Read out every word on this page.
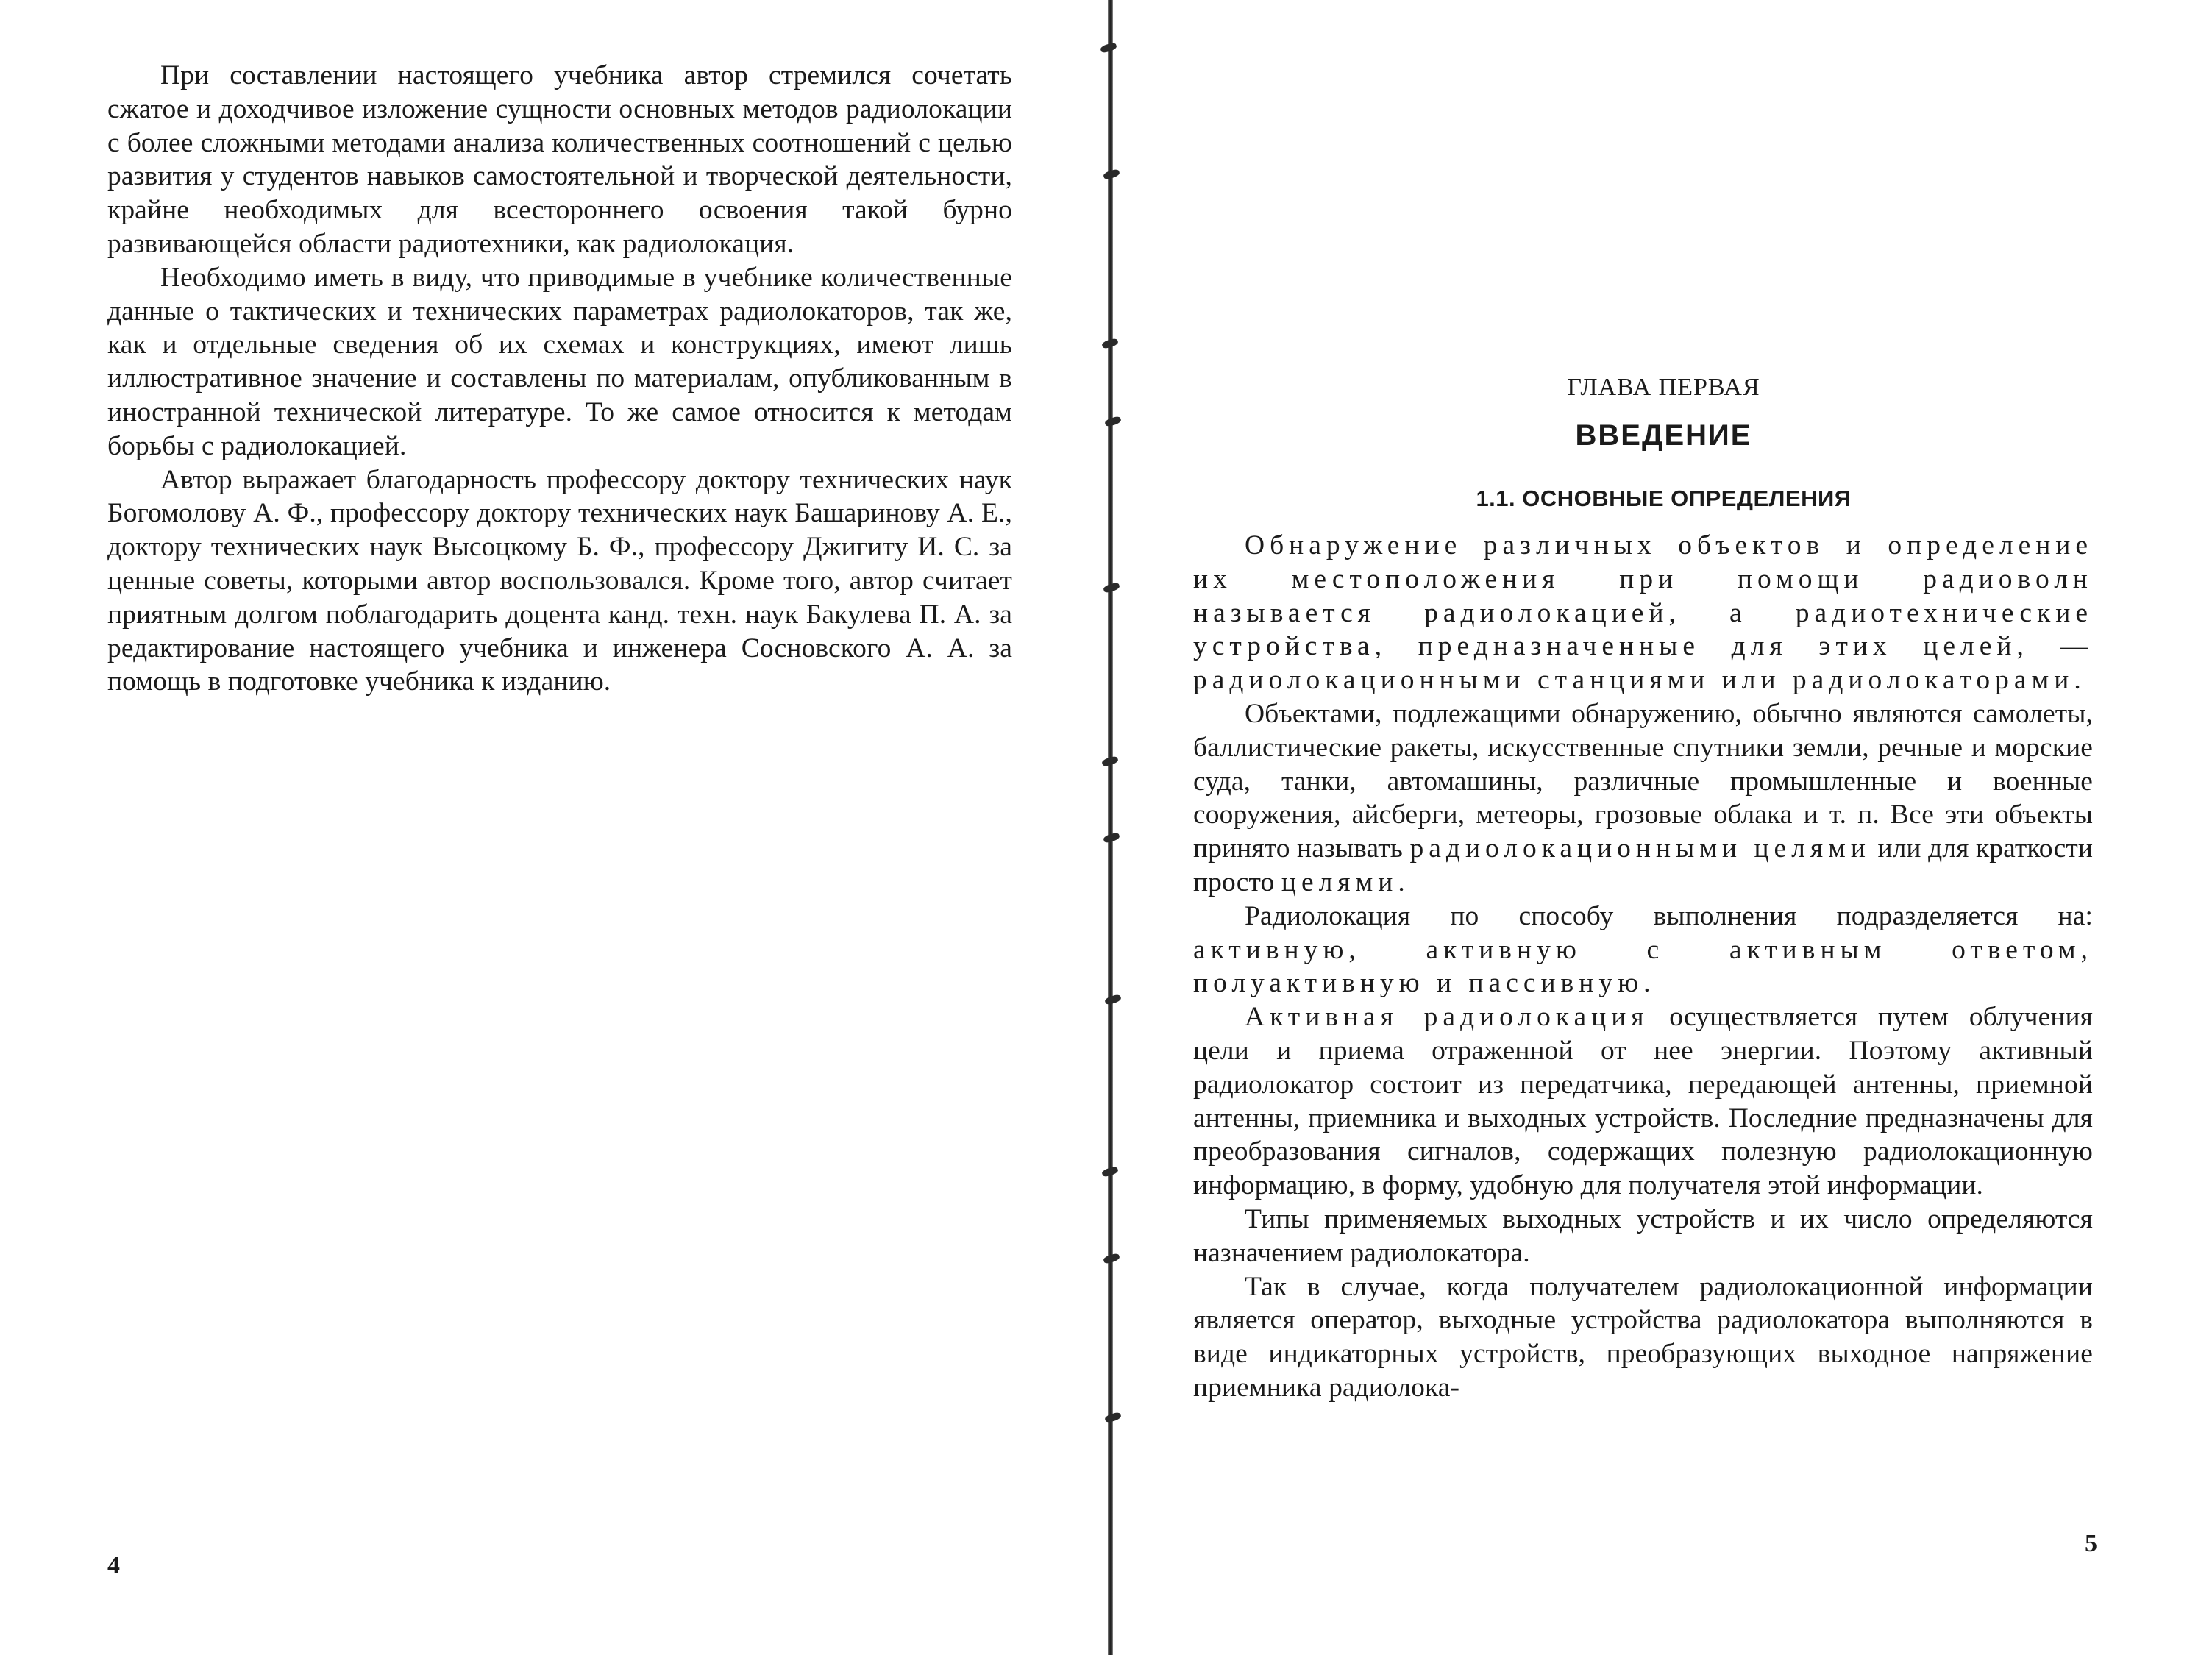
При составлении настоящего учебника автор стремился сочетать сжатое и доходчивое изложение сущности основных методов радиолокации с более сложными методами анализа количественных соотношений с целью развития у студентов навыков самостоятельной и творческой деятельности, крайне необходимых для всестороннего освоения такой бурно развивающейся области радиотехники, как радиолокация.

Необходимо иметь в виду, что приводимые в учебнике количественные данные о тактических и технических параметрах радиолокаторов, так же, как и отдельные сведения об их схемах и конструкциях, имеют лишь иллюстративное значение и составлены по материалам, опубликованным в иностранной технической литературе. То же самое относится к методам борьбы с радиолокацией.

Автор выражает благодарность профессору доктору технических наук Богомолову А. Ф., профессору доктору технических наук Башаринову А. Е., доктору технических наук Высоцкому Б. Ф., профессору Джигиту И. С. за ценные советы, которыми автор воспользовался. Кроме того, автор считает приятным долгом поблагодарить доцента канд. техн. наук Бакулева П. А. за редактирование настоящего учебника и инженера Сосновского А. А. за помощь в подготовке учебника к изданию.

4
ГЛАВА ПЕРВАЯ
ВВЕДЕНИЕ
1.1. ОСНОВНЫЕ ОПРЕДЕЛЕНИЯ

Обнаружение различных объектов и определение их местоположения при помощи радиоволн называется радиолокацией, а радиотехнические устройства, предназначенные для этих целей, — радиолокационными станциями или радиолокаторами.

Объектами, подлежащими обнаружению, обычно являются самолеты, баллистические ракеты, искусственные спутники земли, речные и морские суда, танки, автомашины, различные промышленные и военные сооружения, айсберги, метеоры, грозовые облака и т. п. Все эти объекты принято называть радиолокационными целями или для краткости просто целями.

Радиолокация по способу выполнения подразделяется на: активную, активную с активным ответом, полуактивную и пассивную.

Активная радиолокация осуществляется путем облучения цели и приема отраженной от нее энергии. Поэтому активный радиолокатор состоит из передатчика, передающей антенны, приемной антенны, приемника и выходных устройств. Последние предназначены для преобразования сигналов, содержащих полезную радиолокационную информацию, в форму, удобную для получателя этой информации.

Типы применяемых выходных устройств и их число определяются назначением радиолокатора.

Так в случае, когда получателем радиолокационной информации является оператор, выходные устройства радиолокатора выполняются в виде индикаторных устройств, преобразующих выходное напряжение приемника радиолока-

5
